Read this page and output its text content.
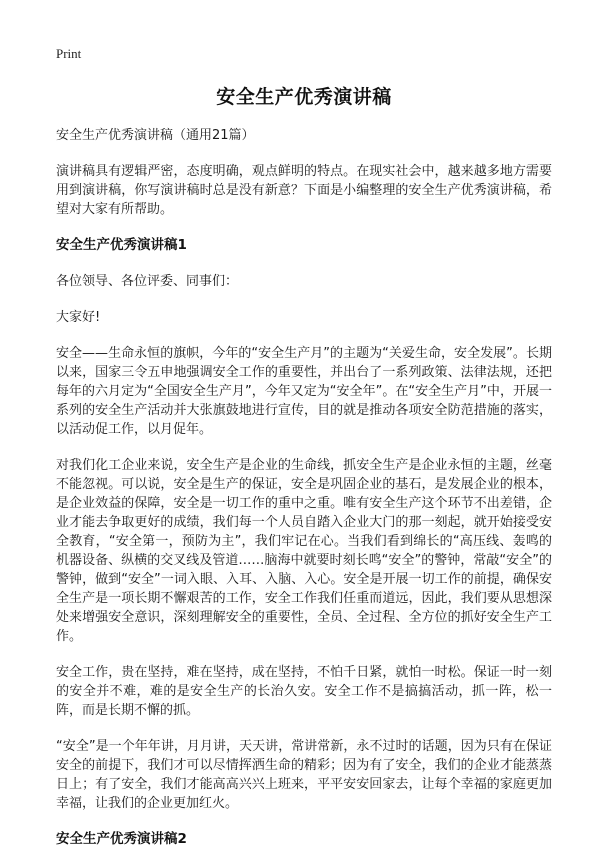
Print
安全生产优秀演讲稿
安全生产优秀演讲稿（通用21篇）
演讲稿具有逻辑严密，态度明确，观点鲜明的特点。在现实社会中，越来越多地方需要用到演讲稿，你写演讲稿时总是没有新意？下面是小编整理的安全生产优秀演讲稿，希望对大家有所帮助。
安全生产优秀演讲稿1
各位领导、各位评委、同事们：
大家好!
安全——生命永恒的旗帜，今年的“安全生产月”的主题为“关爱生命，安全发展”。长期以来，国家三令五申地强调安全工作的重要性，并出台了一系列政策、法律法规，还把每年的六月定为“全国安全生产月”，今年又定为“安全年”。在“安全生产月”中，开展一系列的安全生产活动并大张旗鼓地进行宣传，目的就是推动各项安全防范措施的落实，以活动促工作，以月促年。
对我们化工企业来说，安全生产是企业的生命线，抓安全生产是企业永恒的主题，丝毫不能忽视。可以说，安全是生产的保证，安全是巩固企业的基石，是发展企业的根本，是企业效益的保障，安全是一切工作的重中之重。唯有安全生产这个环节不出差错，企业才能去争取更好的成绩，我们每一个人员自踏入企业大门的那一刻起，就开始接受安全教育，“安全第一，预防为主”，我们牢记在心。当我们看到绵长的“高压线、轰鸣的机器设备、纵横的交叉线及管道……脑海中就要时刻长鸣“安全”的警钟，常敲“安全”的警钟，做到“安全”一词入眼、入耳、入脑、入心。安全是开展一切工作的前提，确保安全生产是一项长期不懈艰苦的工作，安全工作我们任重而道远，因此，我们要从思想深处来增强安全意识，深刻理解安全的重要性，全员、全过程、全方位的抓好安全生产工作。
安全工作，贵在坚持，难在坚持，成在坚持，不怕千日紧，就怕一时松。保证一时一刻的安全并不难，难的是安全生产的长治久安。安全工作不是搞搞活动，抓一阵，松一阵，而是长期不懈的抓。
“安全”是一个年年讲，月月讲，天天讲，常讲常新，永不过时的话题，因为只有在保证安全的前提下，我们才可以尽情挥洒生命的精彩；因为有了安全，我们的企业才能蒸蒸日上；有了安全，我们才能高高兴兴上班来，平平安安回家去，让每个幸福的家庭更加幸福，让我们的企业更加红火。
安全生产优秀演讲稿2
